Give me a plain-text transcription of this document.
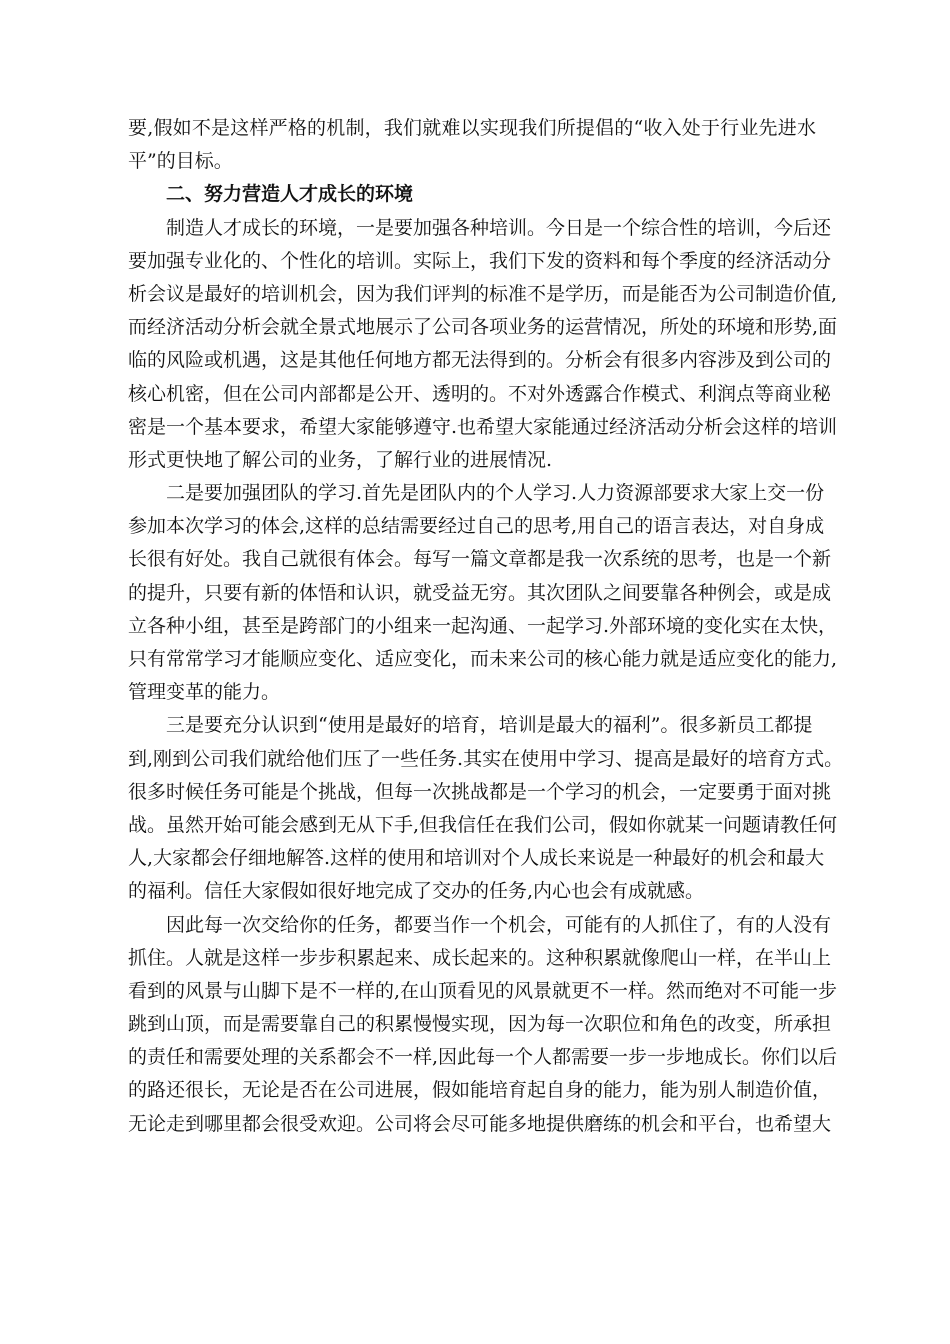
要,假如不是这样严格的机制，我们就难以实现我们所提倡的“收入处于行业先进水
平”的目标。
二、努力营造人才成长的环境
制造人才成长的环境，一是要加强各种培训。今日是一个综合性的培训，今后还
要加强专业化的、个性化的培训。实际上，我们下发的资料和每个季度的经济活动分
析会议是最好的培训机会，因为我们评判的标准不是学历，而是能否为公司制造价值,
而经济活动分析会就全景式地展示了公司各项业务的运营情况，所处的环境和形势,面
临的风险或机遇，这是其他任何地方都无法得到的。分析会有很多内容涉及到公司的
核心机密，但在公司内部都是公开、透明的。不对外透露合作模式、利润点等商业秘
密是一个基本要求，希望大家能够遵守.也希望大家能通过经济活动分析会这样的培训
形式更快地了解公司的业务，了解行业的进展情况.
二是要加强团队的学习.首先是团队内的个人学习.人力资源部要求大家上交一份
参加本次学习的体会,这样的总结需要经过自己的思考,用自己的语言表达，对自身成
长很有好处。我自己就很有体会。每写一篇文章都是我一次系统的思考，也是一个新
的提升，只要有新的体悟和认识，就受益无穷。其次团队之间要靠各种例会，或是成
立各种小组，甚至是跨部门的小组来一起沟通、一起学习.外部环境的变化实在太快，
只有常常学习才能顺应变化、适应变化，而未来公司的核心能力就是适应变化的能力,
管理变革的能力。
三是要充分认识到“使用是最好的培育，培训是最大的福利”。很多新员工都提
到,刚到公司我们就给他们压了一些任务.其实在使用中学习、提高是最好的培育方式。
很多时候任务可能是个挑战，但每一次挑战都是一个学习的机会，一定要勇于面对挑
战。虽然开始可能会感到无从下手,但我信任在我们公司，假如你就某一问题请教任何
人,大家都会仔细地解答.这样的使用和培训对个人成长来说是一种最好的机会和最大
的福利。信任大家假如很好地完成了交办的任务,内心也会有成就感。
因此每一次交给你的任务，都要当作一个机会，可能有的人抓住了，有的人没有
抓住。人就是这样一步步积累起来、成长起来的。这种积累就像爬山一样，在半山上
看到的风景与山脚下是不一样的,在山顶看见的风景就更不一样。然而绝对不可能一步
跳到山顶，而是需要靠自己的积累慢慢实现，因为每一次职位和角色的改变，所承担
的责任和需要处理的关系都会不一样,因此每一个人都需要一步一步地成长。你们以后
的路还很长，无论是否在公司进展，假如能培育起自身的能力，能为别人制造价值，
无论走到哪里都会很受欢迎。公司将会尽可能多地提供磨练的机会和平台，也希望大
